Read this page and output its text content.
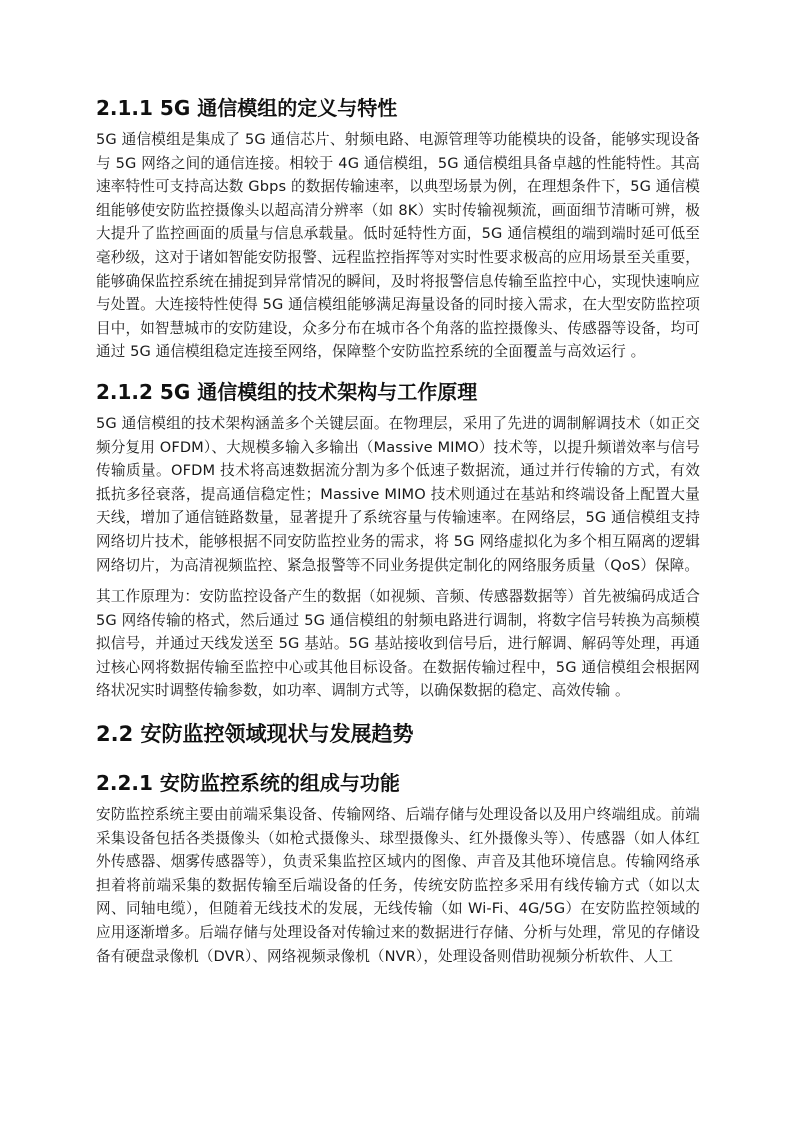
2.1.1 5G 通信模组的定义与特性

5G 通信模组是集成了 5G 通信芯片、射频电路、电源管理等功能模块的设备，能够实现设备与 5G 网络之间的通信连接。相较于 4G 通信模组，5G 通信模组具备卓越的性能特性。其高速率特性可支持高达数 Gbps 的数据传输速率，以典型场景为例，在理想条件下，5G 通信模组能够使安防监控摄像头以超高清分辨率（如 8K）实时传输视频流，画面细节清晰可辨，极大提升了监控画面的质量与信息承载量。低时延特性方面，5G 通信模组的端到端时延可低至毫秒级，这对于诸如智能安防报警、远程监控指挥等对实时性要求极高的应用场景至关重要，能够确保监控系统在捕捉到异常情况的瞬间，及时将报警信息传输至监控中心，实现快速响应与处置。大连接特性使得 5G 通信模组能够满足海量设备的同时接入需求，在大型安防监控项目中，如智慧城市的安防建设，众多分布在城市各个角落的监控摄像头、传感器等设备，均可通过 5G 通信模组稳定连接至网络，保障整个安防监控系统的全面覆盖与高效运行 。

2.1.2 5G 通信模组的技术架构与工作原理

5G 通信模组的技术架构涵盖多个关键层面。在物理层，采用了先进的调制解调技术（如正交频分复用 OFDM）、大规模多输入多输出（Massive MIMO）技术等，以提升频谱效率与信号传输质量。OFDM 技术将高速数据流分割为多个低速子数据流，通过并行传输的方式，有效抵抗多径衰落，提高通信稳定性；Massive MIMO 技术则通过在基站和终端设备上配置大量天线，增加了通信链路数量，显著提升了系统容量与传输速率。在网络层，5G 通信模组支持网络切片技术，能够根据不同安防监控业务的需求，将 5G 网络虚拟化为多个相互隔离的逻辑网络切片，为高清视频监控、紧急报警等不同业务提供定制化的网络服务质量（QoS）保障。

其工作原理为：安防监控设备产生的数据（如视频、音频、传感器数据等）首先被编码成适合 5G 网络传输的格式，然后通过 5G 通信模组的射频电路进行调制，将数字信号转换为高频模拟信号，并通过天线发送至 5G 基站。5G 基站接收到信号后，进行解调、解码等处理，再通过核心网将数据传输至监控中心或其他目标设备。在数据传输过程中，5G 通信模组会根据网络状况实时调整传输参数，如功率、调制方式等，以确保数据的稳定、高效传输 。

2.2 安防监控领域现状与发展趋势
2.2.1 安防监控系统的组成与功能

安防监控系统主要由前端采集设备、传输网络、后端存储与处理设备以及用户终端组成。前端采集设备包括各类摄像头（如枪式摄像头、球型摄像头、红外摄像头等）、传感器（如人体红外传感器、烟雾传感器等），负责采集监控区域内的图像、声音及其他环境信息。传输网络承担着将前端采集的数据传输至后端设备的任务，传统安防监控多采用有线传输方式（如以太网、同轴电缆），但随着无线技术的发展，无线传输（如 Wi-Fi、4G/5G）在安防监控领域的应用逐渐增多。后端存储与处理设备对传输过来的数据进行存储、分析与处理，常见的存储设备有硬盘录像机（DVR）、网络视频录像机（NVR），处理设备则借助视频分析软件、人工
